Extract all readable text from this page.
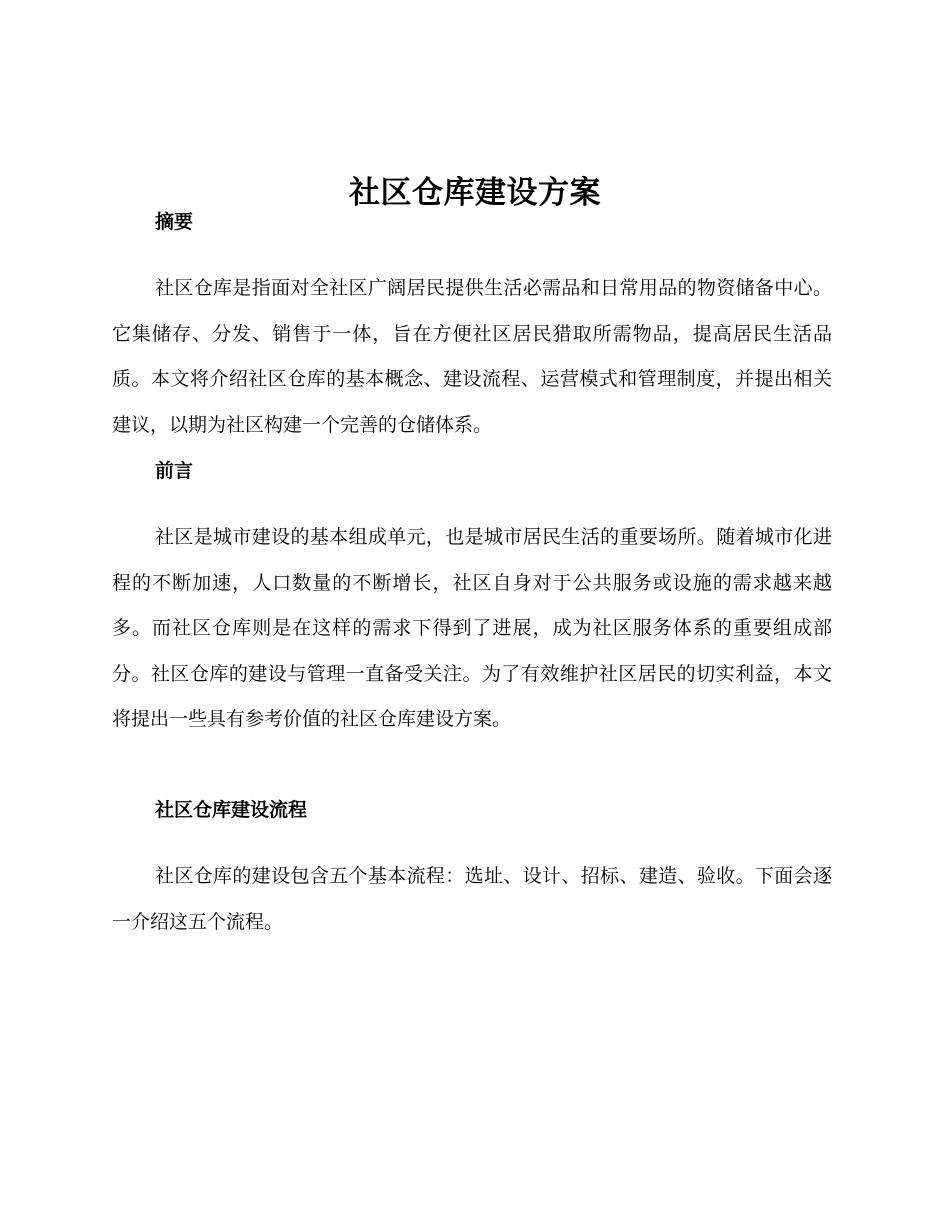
社区仓库建设方案
摘要

社区仓库是指面对全社区广阔居民提供生活必需品和日常用品的物资储备中心。它集储存、分发、销售于一体，旨在方便社区居民猎取所需物品，提高居民生活品质。本文将介绍社区仓库的基本概念、建设流程、运营模式和管理制度，并提出相关建议，以期为社区构建一个完善的仓储体系。

前言

社区是城市建设的基本组成单元，也是城市居民生活的重要场所。随着城市化进程的不断加速，人口数量的不断增长，社区自身对于公共服务或设施的需求越来越多。而社区仓库则是在这样的需求下得到了进展，成为社区服务体系的重要组成部分。社区仓库的建设与管理一直备受关注。为了有效维护社区居民的切实利益，本文将提出一些具有参考价值的社区仓库建设方案。

社区仓库建设流程

社区仓库的建设包含五个基本流程：选址、设计、招标、建造、验收。下面会逐一介绍这五个流程。
